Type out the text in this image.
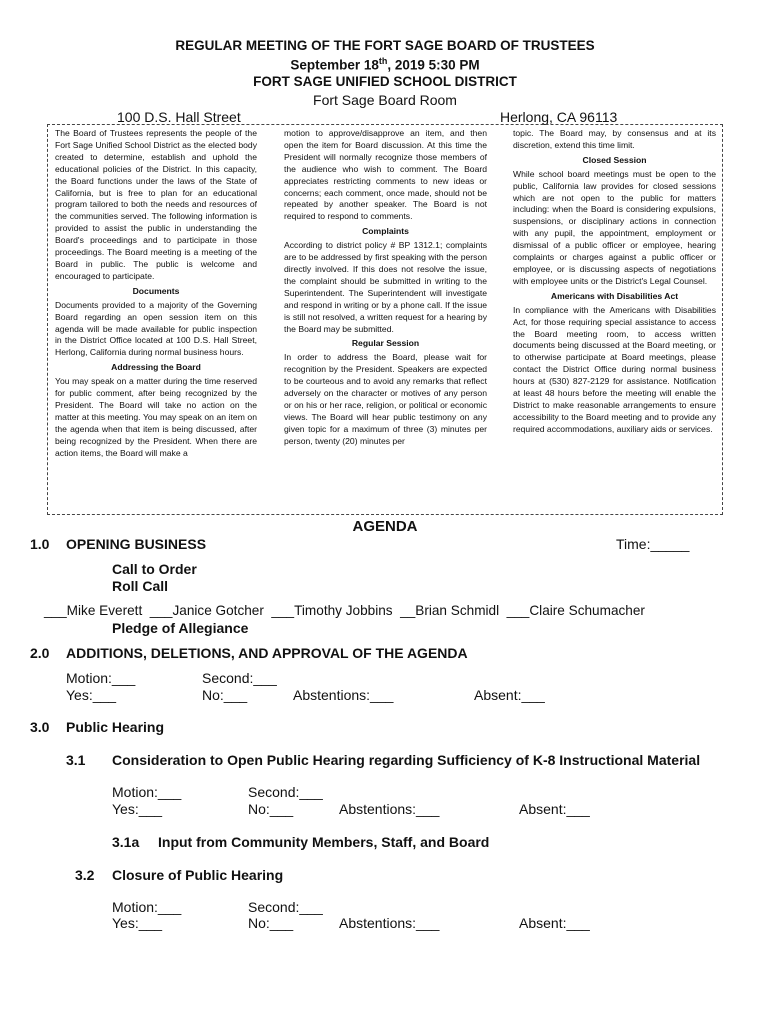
REGULAR MEETING OF THE FORT SAGE BOARD OF TRUSTEES
September 18th, 2019 5:30 PM
FORT SAGE UNIFIED SCHOOL DISTRICT
Fort Sage Board Room
100 D.S. Hall Street	Herlong, CA 96113

The Board of Trustees represents the people of the Fort Sage Unified School District as the elected body created to determine, establish and uphold the educational policies of the District. In this capacity, the Board functions under the laws of the State of California, but is free to plan for an educational program tailored to both the needs and resources of the communities served. The following information is provided to assist the public in understanding the Board's proceedings and to participate in those proceedings. The Board meeting is a meeting of the Board in public. The public is welcome and encouraged to participate.

Documents

Documents provided to a majority of the Governing Board regarding an open session item on this agenda will be made available for public inspection in the District Office located at 100 D.S. Hall Street, Herlong, California during normal business hours.

Addressing the Board

You may speak on a matter during the time reserved for public comment, after being recognized by the President. The Board will take no action on the matter at this meeting. You may speak on an item on the agenda when that item is being discussed, after being recognized by the President. When there are action items, the Board will make a

motion to approve/disapprove an item, and then open the item for Board discussion. At this time the President will normally recognize those members of the audience who wish to comment. The Board appreciates restricting comments to new ideas or concerns; each comment, once made, should not be repeated by another speaker. The Board is not required to respond to comments.

Complaints

According to district policy # BP 1312.1; complaints are to be addressed by first speaking with the person directly involved. If this does not resolve the issue, the complaint should be submitted in writing to the Superintendent. The Superintendent will investigate and respond in writing or by a phone call. If the issue is still not resolved, a written request for a hearing by the Board may be submitted.

Regular Session

In order to address the Board, please wait for recognition by the President. Speakers are expected to be courteous and to avoid any remarks that reflect adversely on the character or motives of any person or on his or her race, religion, or political or economic views. The Board will hear public testimony on any given topic for a maximum of three (3) minutes per person, twenty (20) minutes per

topic. The Board may, by consensus and at its discretion, extend this time limit.

Closed Session

While school board meetings must be open to the public, California law provides for closed sessions which are not open to the public for matters including: when the Board is considering expulsions, suspensions, or disciplinary actions in connection with any pupil, the appointment, employment or dismissal of a public officer or employee, hearing complaints or charges against a public officer or employee, or is discussing aspects of negotiations with employee units or the District's Legal Counsel.

Americans with Disabilities Act

In compliance with the Americans with Disabilities Act, for those requiring special assistance to access the Board meeting room, to access written documents being discussed at the Board meeting, or to otherwise participate at Board meetings, please contact the District Office during normal business hours at (530) 827-2129 for assistance. Notification at least 48 hours before the meeting will enable the District to make reasonable arrangements to ensure accessibility to the Board meeting and to provide any required accommodations, auxiliary aids or services.

AGENDA
1.0 OPENING BUSINESS	Time:_____
Call to Order
Roll Call
___Mike Everett  ___Janice Gotcher  ___Timothy Jobbins  __Brian Schmidl  ___Claire Schumacher
Pledge of Allegiance
2.0 ADDITIONS, DELETIONS, AND APPROVAL OF THE AGENDA
Motion:___	Second:___
Yes:___	No:___	Abstentions:___	Absent:___
3.0 Public Hearing
3.1 Consideration to Open Public Hearing regarding Sufficiency of K-8 Instructional Material
Motion:___	Second:___
Yes:___	No:___	Abstentions:___	Absent:___
3.1a Input from Community Members, Staff, and Board
3.2 Closure of Public Hearing
Motion:___	Second:___
Yes:___	No:___	Abstentions:___	Absent:___
